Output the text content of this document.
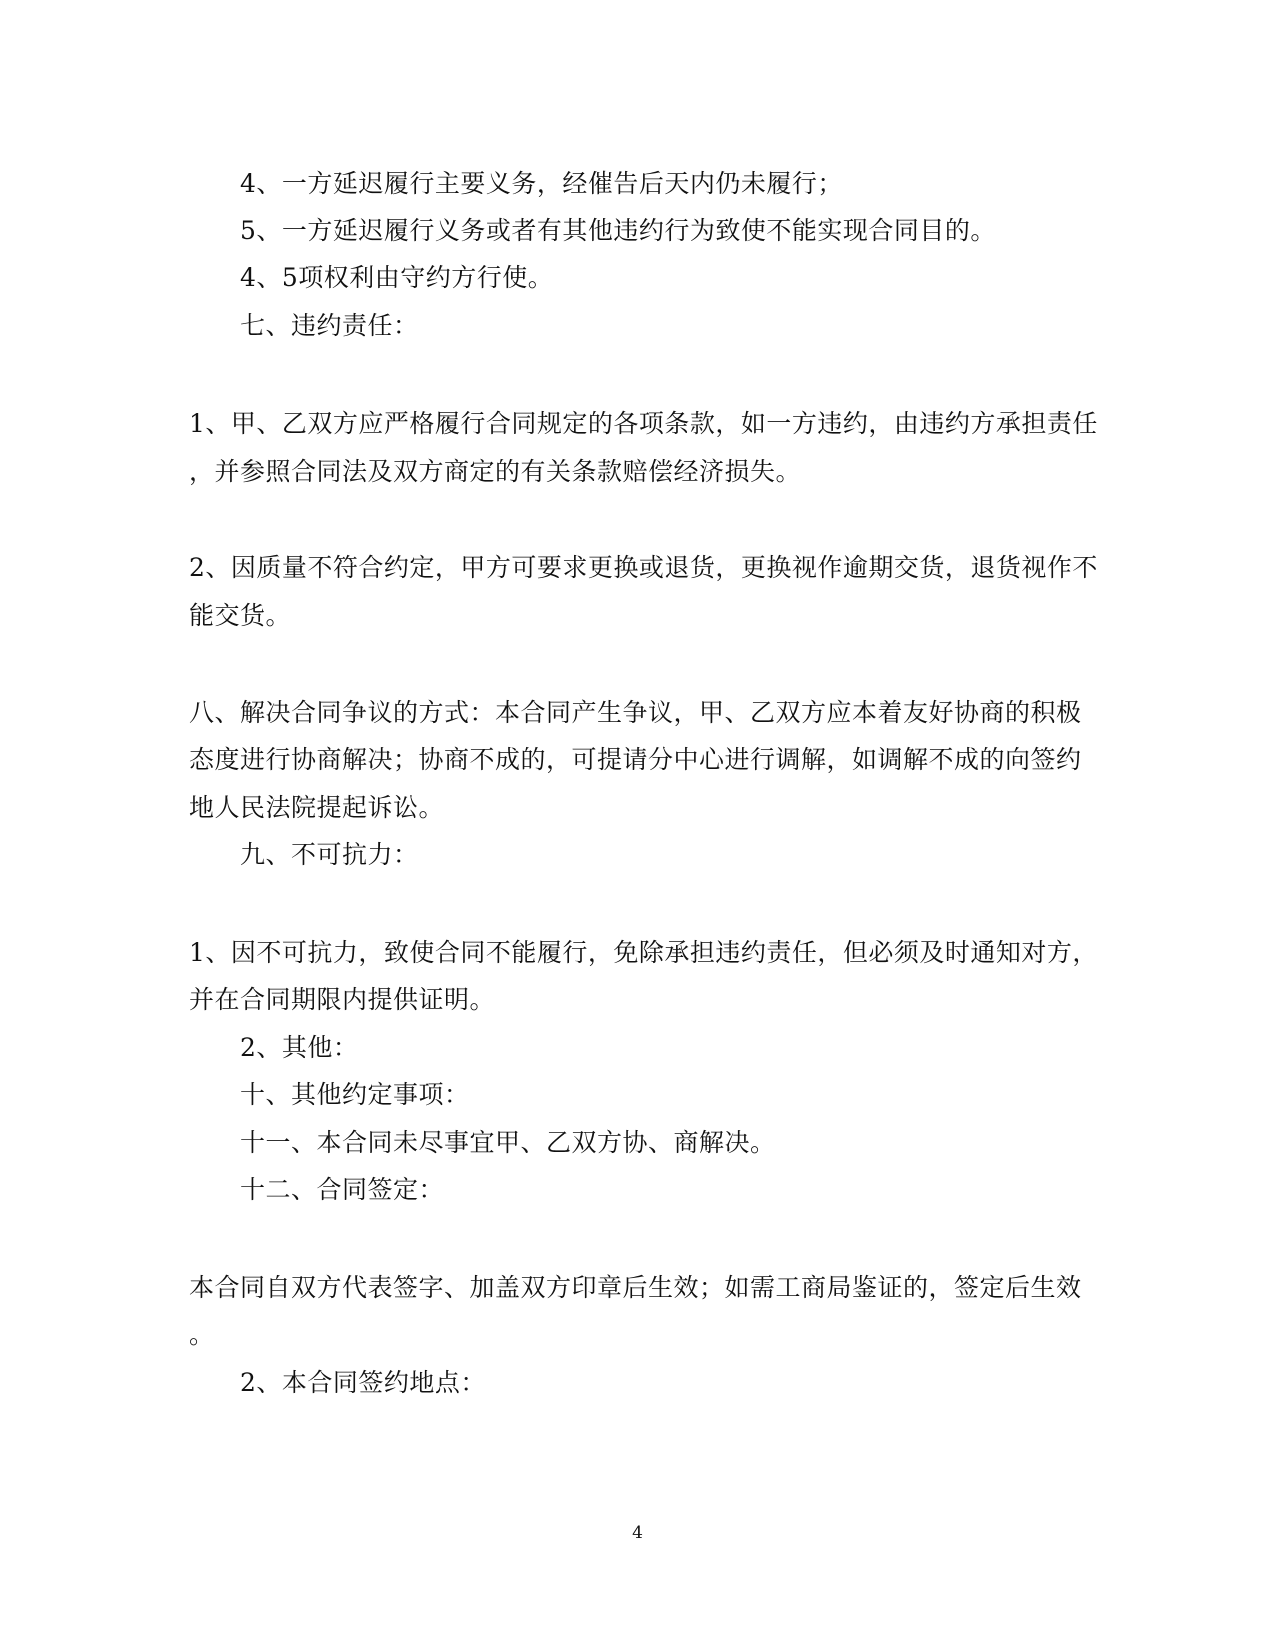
4、一方延迟履行主要义务，经催告后天内仍未履行；
5、一方延迟履行义务或者有其他违约行为致使不能实现合同目的。
4、5项权利由守约方行使。
七、违约责任：
1、甲、乙双方应严格履行合同规定的各项条款，如一方违约，由违约方承担责任
，并参照合同法及双方商定的有关条款赔偿经济损失。
2、因质量不符合约定，甲方可要求更换或退货，更换视作逾期交货，退货视作不
能交货。
八、解决合同争议的方式：本合同产生争议，甲、乙双方应本着友好协商的积极
态度进行协商解决；协商不成的，可提请分中心进行调解，如调解不成的向签约
地人民法院提起诉讼。
九、不可抗力：
1、因不可抗力，致使合同不能履行，免除承担违约责任，但必须及时通知对方，
并在合同期限内提供证明。
2、其他：
十、其他约定事项：
十一、本合同未尽事宜甲、乙双方协、商解决。
十二、合同签定：
本合同自双方代表签字、加盖双方印章后生效；如需工商局鉴证的，签定后生效
。
2、本合同签约地点：
4
